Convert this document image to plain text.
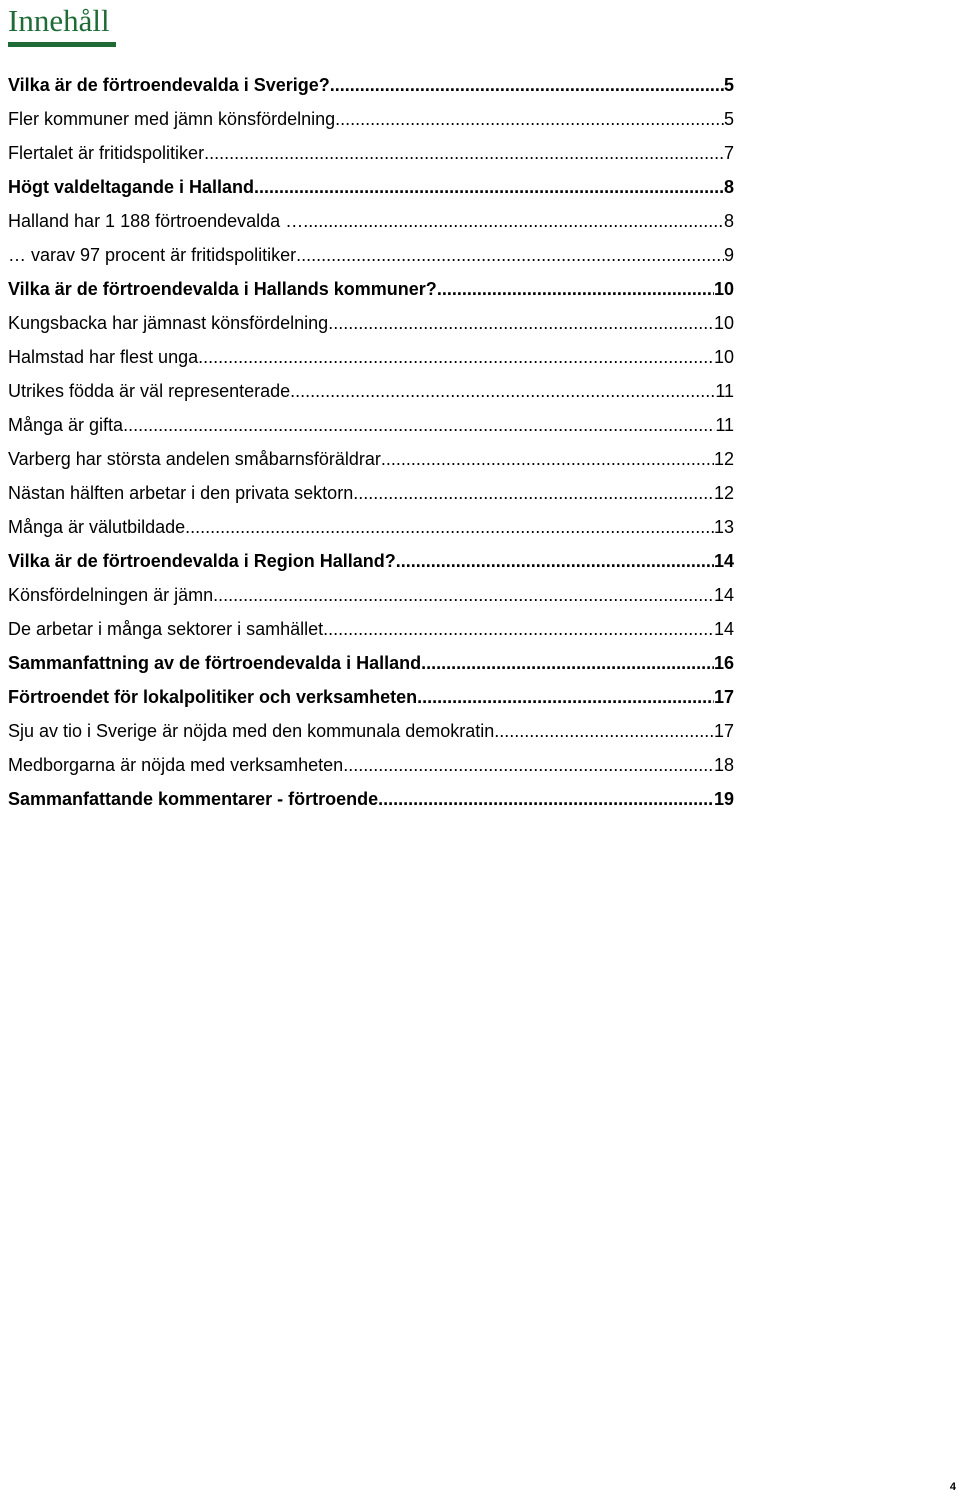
Innehåll
Vilka är de förtroendevalda i Sverige? .....	5
Fler kommuner med jämn könsfördelning .....	5
Flertalet är fritidspolitiker .....	7
Högt valdeltagande i Halland .....	8
Halland har 1 188 förtroendevalda … .....	8
… varav 97 procent är fritidspolitiker .....	9
Vilka är de förtroendevalda i Hallands kommuner? .....	10
Kungsbacka har jämnast könsfördelning .....	10
Halmstad har flest unga .....	10
Utrikes födda är väl representerade .....	11
Många är gifta .....	11
Varberg har största andelen småbarnsföräldrar .....	12
Nästan hälften arbetar i den privata sektorn .....	12
Många är välutbildade .....	13
Vilka är de förtroendevalda i Region Halland? .....	14
Könsfördelningen är jämn .....	14
De arbetar i många sektorer i samhället .....	14
Sammanfattning av de förtroendevalda i Halland .....	16
Förtroendet för lokalpolitiker och verksamheten .....	17
Sju av tio i Sverige är nöjda med den kommunala demokratin .....	17
Medborgarna är nöjda med verksamheten .....	18
Sammanfattande kommentarer - förtroende .....	19
4
